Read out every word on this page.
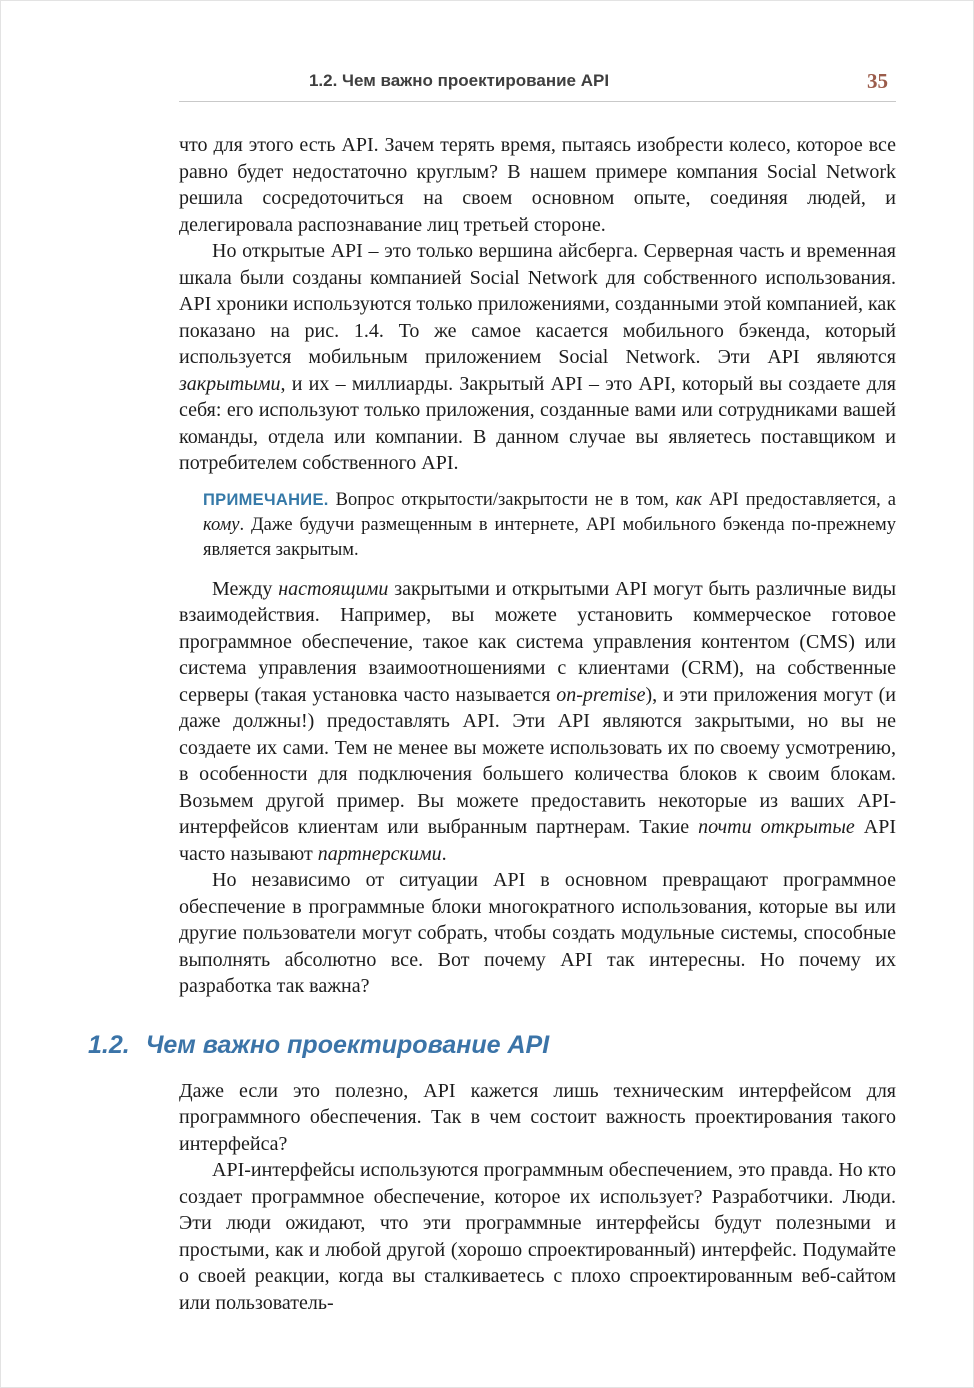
1.2. Чем важно проектирование API	35

что для этого есть API. Зачем терять время, пытаясь изобрести колесо, которое все равно будет недостаточно круглым? В нашем примере компания Social Network решила сосредоточиться на своем основном опыте, соединяя людей, и делегировала распознавание лиц третьей стороне.

Но открытые API – это только вершина айсберга. Серверная часть и временная шкала были созданы компанией Social Network для собственного использования. API хроники используются только приложениями, созданными этой компанией, как показано на рис. 1.4. То же самое касается мобильного бэкенда, который используется мобильным приложением Social Network. Эти API являются закрытыми, и их – миллиарды. Закрытый API – это API, который вы создаете для себя: его используют только приложения, созданные вами или сотрудниками вашей команды, отдела или компании. В данном случае вы являетесь поставщиком и потребителем собственного API.

ПРИМЕЧАНИЕ. Вопрос открытости/закрытости не в том, как API предоставляется, а кому. Даже будучи размещенным в интернете, API мобильного бэкенда по-прежнему является закрытым.

Между настоящими закрытыми и открытыми API могут быть различные виды взаимодействия. Например, вы можете установить коммерческое готовое программное обеспечение, такое как система управления контентом (CMS) или система управления взаимоотношениями с клиентами (CRM), на собственные серверы (такая установка часто называется on-premise), и эти приложения могут (и даже должны!) предоставлять API. Эти API являются закрытыми, но вы не создаете их сами. Тем не менее вы можете использовать их по своему усмотрению, в особенности для подключения большего количества блоков к своим блокам. Возьмем другой пример. Вы можете предоставить некоторые из ваших API-интерфейсов клиентам или выбранным партнерам. Такие почти открытые API часто называют партнерскими.

Но независимо от ситуации API в основном превращают программное обеспечение в программные блоки многократного использования, которые вы или другие пользователи могут собрать, чтобы создать модульные системы, способные выполнять абсолютно все. Вот почему API так интересны. Но почему их разработка так важна?

1.2. Чем важно проектирование API

Даже если это полезно, API кажется лишь техническим интерфейсом для программного обеспечения. Так в чем состоит важность проектирования такого интерфейса?

API-интерфейсы используются программным обеспечением, это правда. Но кто создает программное обеспечение, которое их использует? Разработчики. Люди. Эти люди ожидают, что эти программные интерфейсы будут полезными и простыми, как и любой другой (хорошо спроектированный) интерфейс. Подумайте о своей реакции, когда вы сталкиваетесь с плохо спроектированным веб-сайтом или пользователь-
